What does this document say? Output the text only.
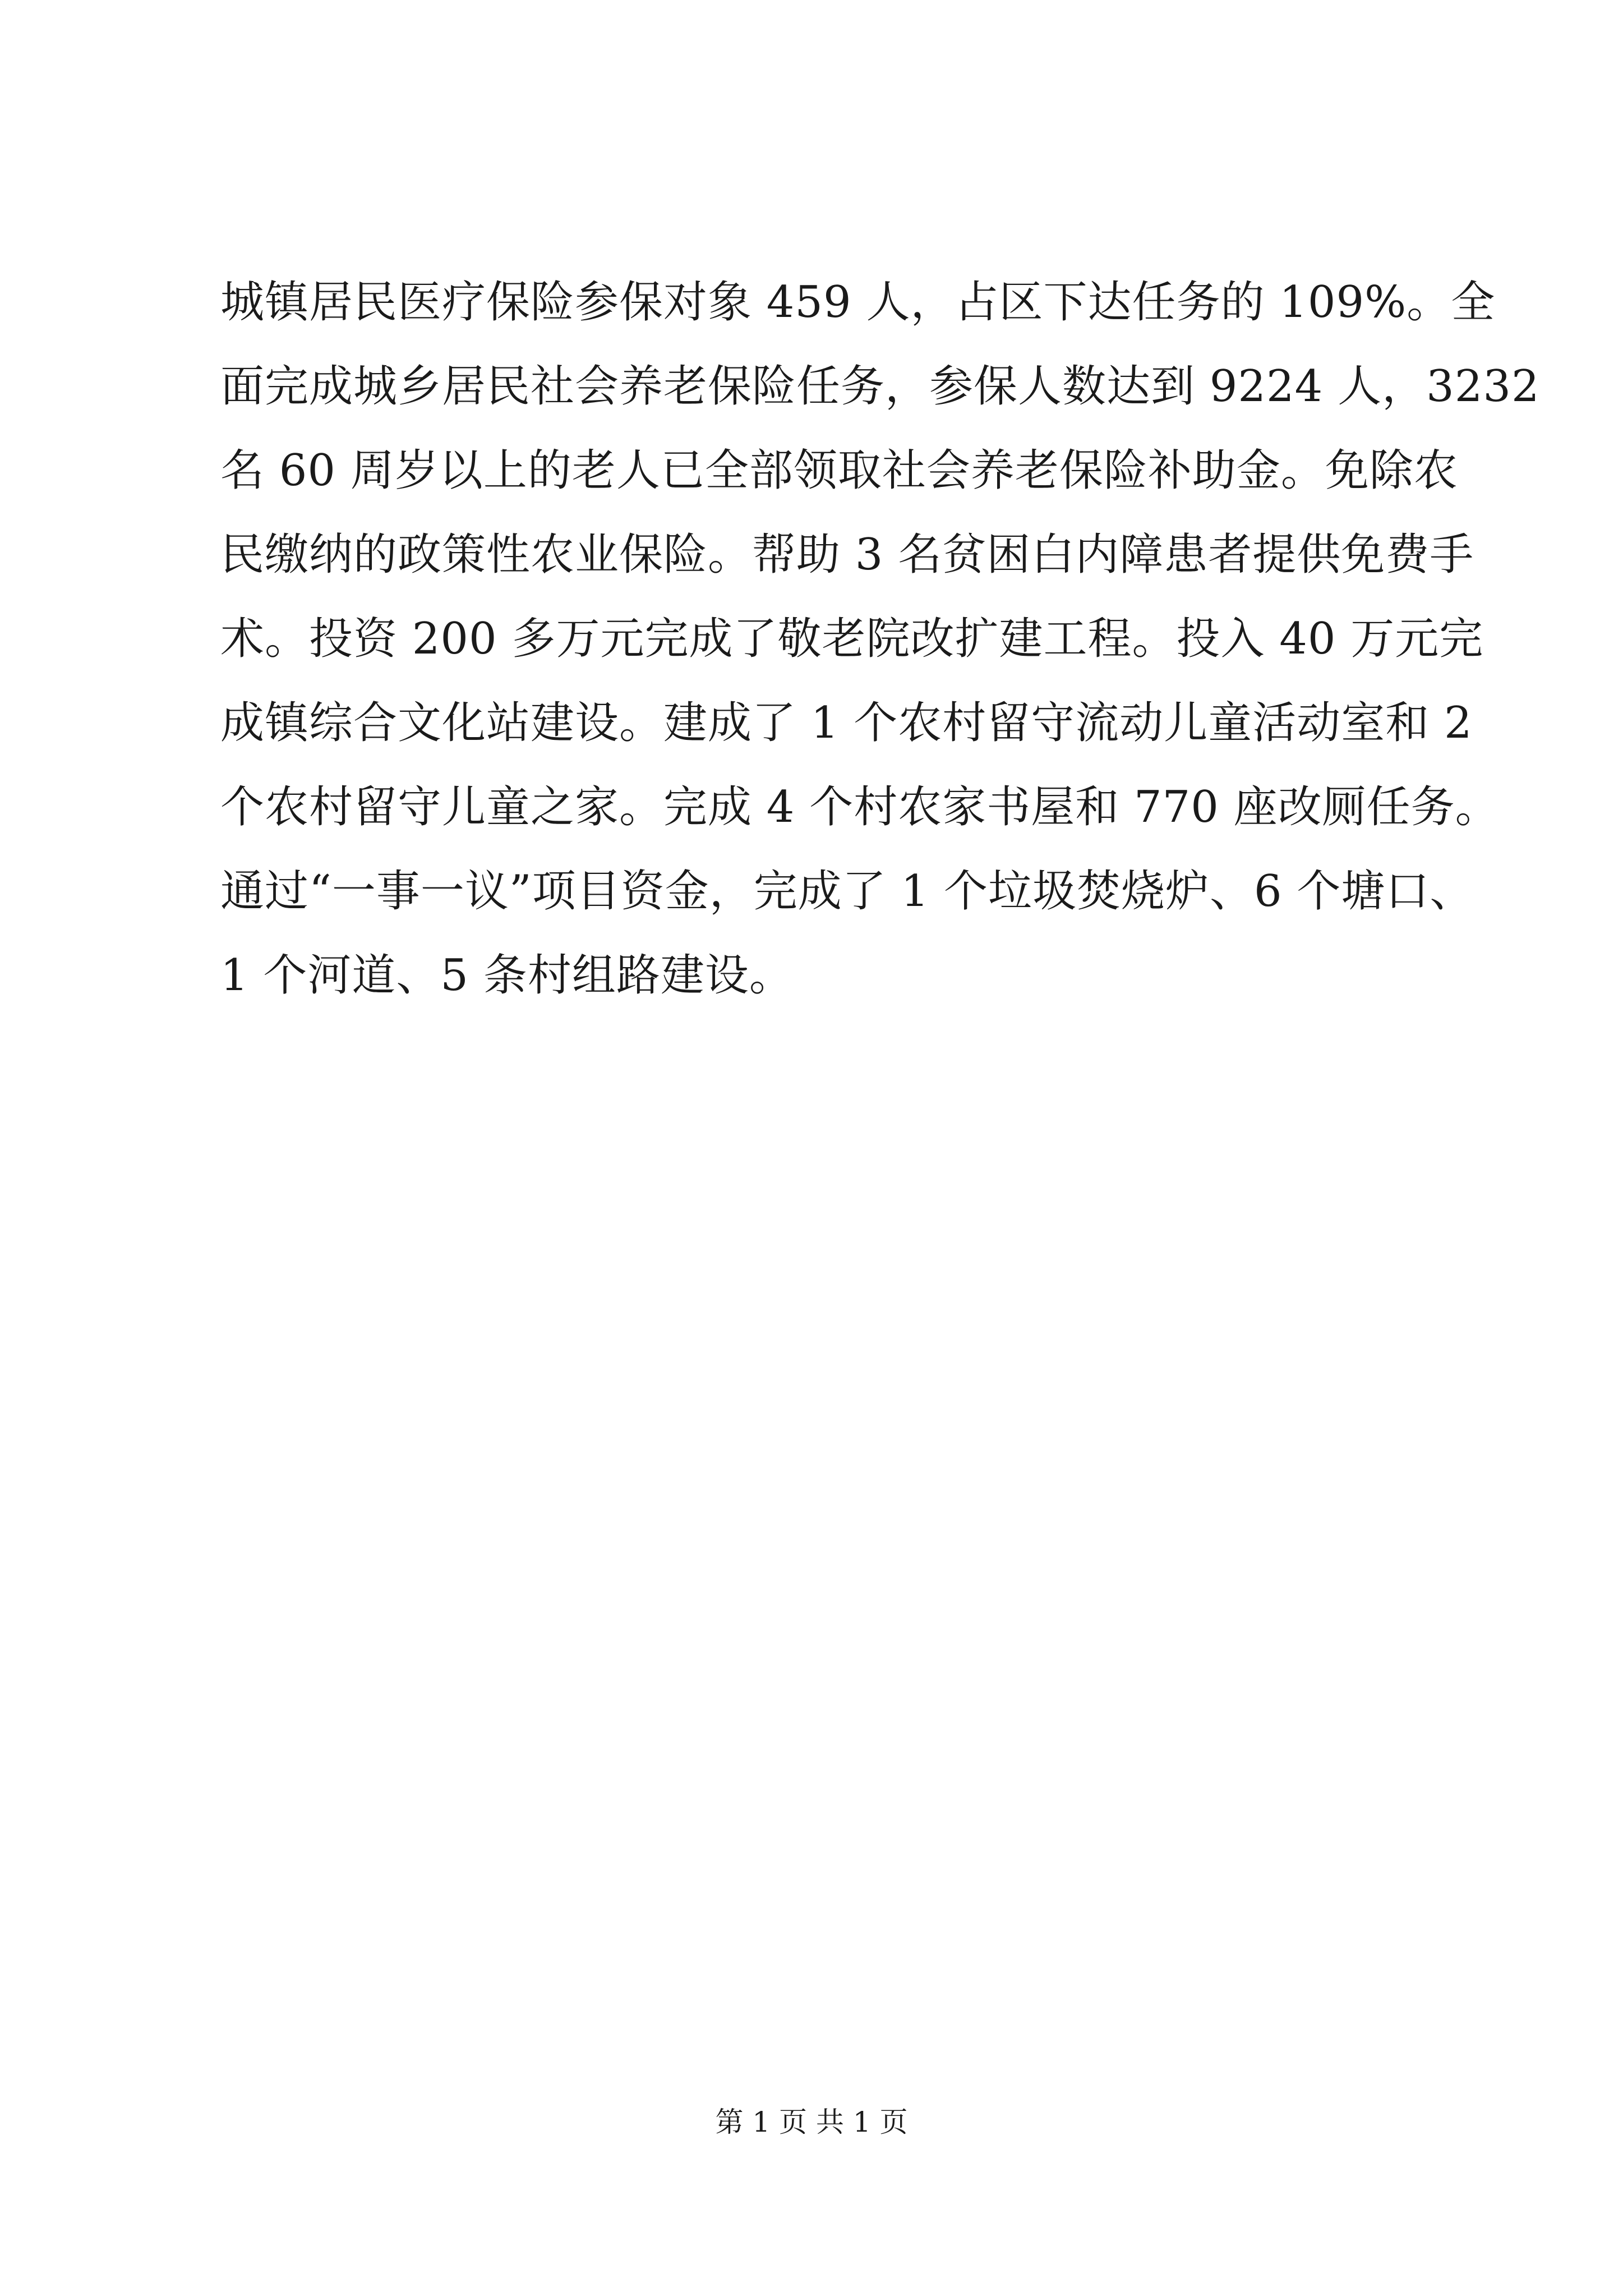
城镇居民医疗保险参保对象 459 人，占区下达任务的 109%。全
面完成城乡居民社会养老保险任务，参保人数达到 9224 人，3232
名 60 周岁以上的老人已全部领取社会养老保险补助金。免除农
民缴纳的政策性农业保险。帮助 3 名贫困白内障患者提供免费手
术。投资 200 多万元完成了敬老院改扩建工程。投入 40 万元完
成镇综合文化站建设。建成了 1 个农村留守流动儿童活动室和 2
个农村留守儿童之家。完成 4 个村农家书屋和 770 座改厕任务。
通过“一事一议”项目资金，完成了 1 个垃圾焚烧炉、6 个塘口、
1 个河道、5 条村组路建设。
第 1 页 共 1 页
